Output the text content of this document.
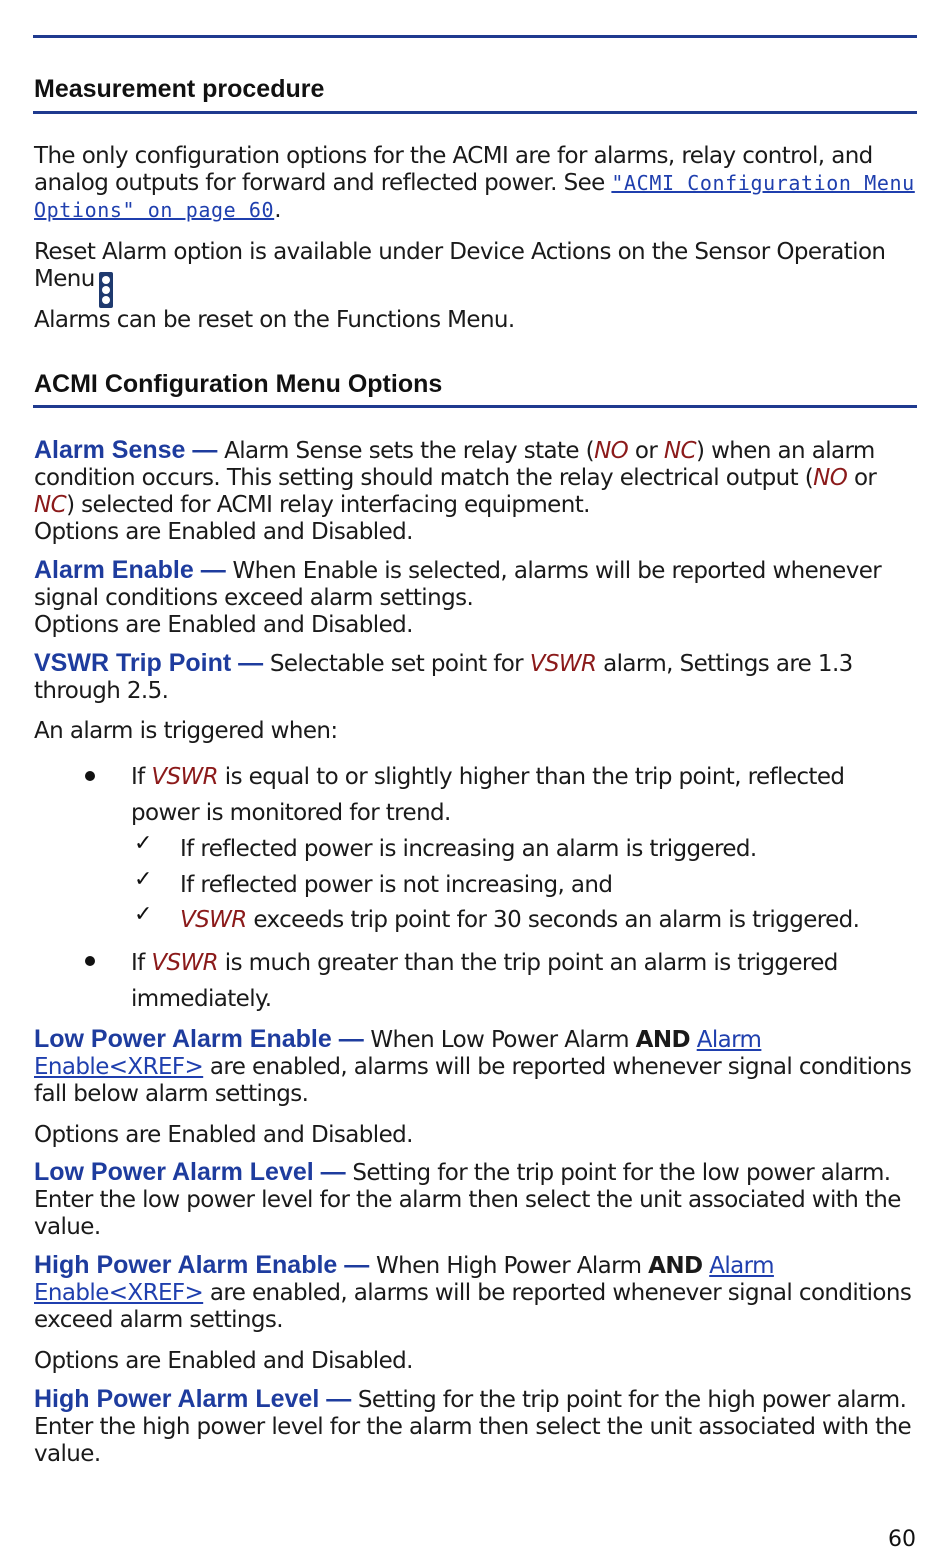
Measurement procedure

The only configuration options for the ACMI are for alarms, relay control, and analog outputs for forward and reflected power. See "ACMI Configuration Menu Options" on page 60.

Reset Alarm option is available under Device Actions on the Sensor Operation Menu

Alarms can be reset on the Functions Menu.

ACMI Configuration Menu Options

Alarm Sense — Alarm Sense sets the relay state (NO or NC) when an alarm condition occurs. This setting should match the relay electrical output (NO or NC) selected for ACMI relay interfacing equipment.
Options are Enabled and Disabled.

Alarm Enable — When Enable is selected, alarms will be reported whenever signal conditions exceed alarm settings.
Options are Enabled and Disabled.

VSWR Trip Point — Selectable set point for VSWR alarm, Settings are 1.3 through 2.5.

An alarm is triggered when:

If VSWR is equal to or slightly higher than the trip point, reflected power is monitored for trend.

✓ If reflected power is increasing an alarm is triggered.

✓ If reflected power is not increasing, and

✓ VSWR exceeds trip point for 30 seconds an alarm is triggered.

If VSWR is much greater than the trip point an alarm is triggered immediately.

Low Power Alarm Enable — When Low Power Alarm AND Alarm Enable<XREF> are enabled, alarms will be reported whenever signal conditions fall below alarm settings.

Options are Enabled and Disabled.

Low Power Alarm Level — Setting for the trip point for the low power alarm. Enter the low power level for the alarm then select the unit associated with the value.

High Power Alarm Enable — When High Power Alarm AND Alarm Enable<XREF> are enabled, alarms will be reported whenever signal conditions exceed alarm settings.

Options are Enabled and Disabled.

High Power Alarm Level — Setting for the trip point for the high power alarm. Enter the high power level for the alarm then select the unit associated with the value.

60
